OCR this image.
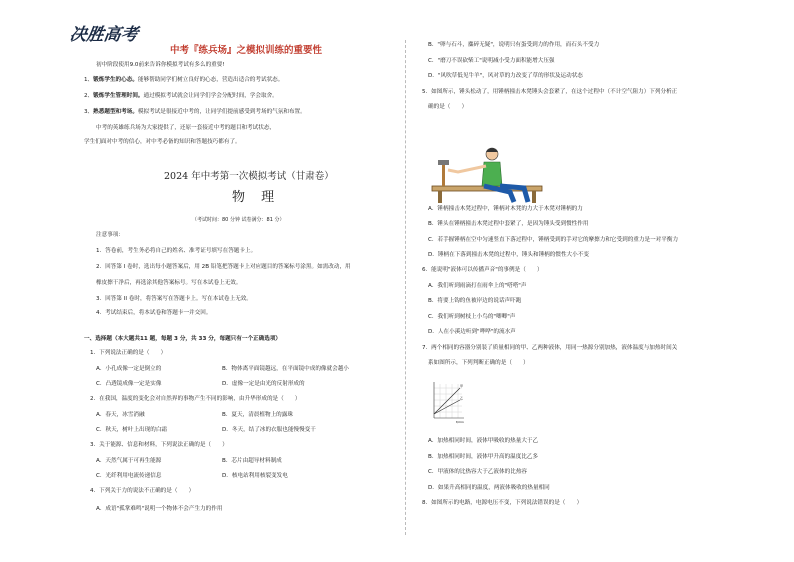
决胜高考
中考『练兵场』之模拟训练的重要性
初中阶段使用9.0前来告诉你模拟考试有多么的重要!
1、锻炼学生的心态。能够帮助同学们树立良好的心态，营造出适合的考试状态。
2、锻炼学生管理时间。通过模拟考试就会让同学们学会分配时间，学会取舍。
3、熟悉题型和考场。模拟考试是很接近中考的，让同学们提前感受到考场的气氛和布置。
中考的英雄练兵场为大家提供了，还原一套接近中考的题目和考试状态，
学生们面对中考的信心，对中考必备的知识和答题技巧都有了。
2024 年中考第一次模拟考试（甘肃卷）
物 理
（考试时间：80 分钟 试卷满分：81 分）
注意事项：
1．答卷前，考生务必将自己的姓名、准考证号填写在答题卡上。
2．回答第 I 卷时，选出每小题答案后，用 2B 铅笔把答题卡上对应题目的答案标号涂黑。如需改动，用
橡皮擦干净后，再选涂其他答案标号。写在本试卷上无效。
3．回答第 II 卷时，将答案写在答题卡上。写在本试卷上无效。
4．考试结束后，将本试卷和答题卡一并交回。
一、选择题（本大题共11 题，每题 3 分，共 33 分，每题只有一个正确选项）
1．下列说法正确的是（　　）
A．小孔成像一定是倒立的	B．物体离平面镜越远，在平面镜中成的像就会越小
C．凸透镜成像一定是实像	D．虚像一定是由光的反射形成的
2．在我国，温度的变化会对自然界的事物产生不同的影响，由升华形成的是（　　）
A．春天，冰雪消融	B．夏天，清晨植物上的露珠
C．秋天，树叶上出现的白霜	D．冬天，结了冰的衣服也能慢慢变干
3．关于能源、信息和材料，下列说法正确的是（　　）
A．天然气属于可再生能源	B．芯片由超导材料制成
C．光纤利用电流传递信息	D．核电站利用核裂变发电
4．下列关于力的说法不正确的是（　　）
A．成语"孤掌难鸣"说明一个物体不会产生力的作用
B．"卵与石斗，麋碎无疑"，说明只有蛋受到力的作用，而石头不受力
C．"磨刀不误砍柴工"说明减小受力面积能增大压强
D．"风吹草低见牛羊"，风对草的力改变了草的形状及运动状态
5．如图所示，锤头松动了，用锤柄撞击木凳锤头会套紧了，在这个过程中（不计空气阻力）下列分析正
确的是（　　）
A．锤柄撞击木凳过程中，锤柄对木凳的力大于木凳对锤柄的力
B．锤头在锤柄撞击木凳过程中套紧了，是因为锤头受到惯性作用
C．若手握锤柄在空中匀速竖直下落过程中，锤柄受到的手对它的摩擦力和它受到的重力是一对平衡力
D．锤柄在下落到撞击木凳的过程中，锤头和锤柄的惯性大小不变
6．能说明"液体可以传播声音"的事例是（　　）
A．我们听到雨滴打在雨伞上的"嗒嗒"声
B．将要上钩的鱼被岸边的说话声吓跑
C．我们听到树枝上小鸟的"唧唧"声
D．人在小溪边听到"哗哗"的流水声
7．两个相同的容器分别装了质量相同的甲、乙两种液体，用同一热源分别加热，液体温度与加热时间关
系如图所示，下列判断正确的是（　　）
甲
乙
t/min
A．加热相同时间，液体甲吸收的热量大于乙
B．加热相同时间，液体甲升高的温度比乙多
C．甲液体的比热容大于乙液体的比热容
D．如果升高相同的温度，两液体吸收的热量相同
8．如图所示的电路，电源电压不变，下列说法错误的是（　　）
